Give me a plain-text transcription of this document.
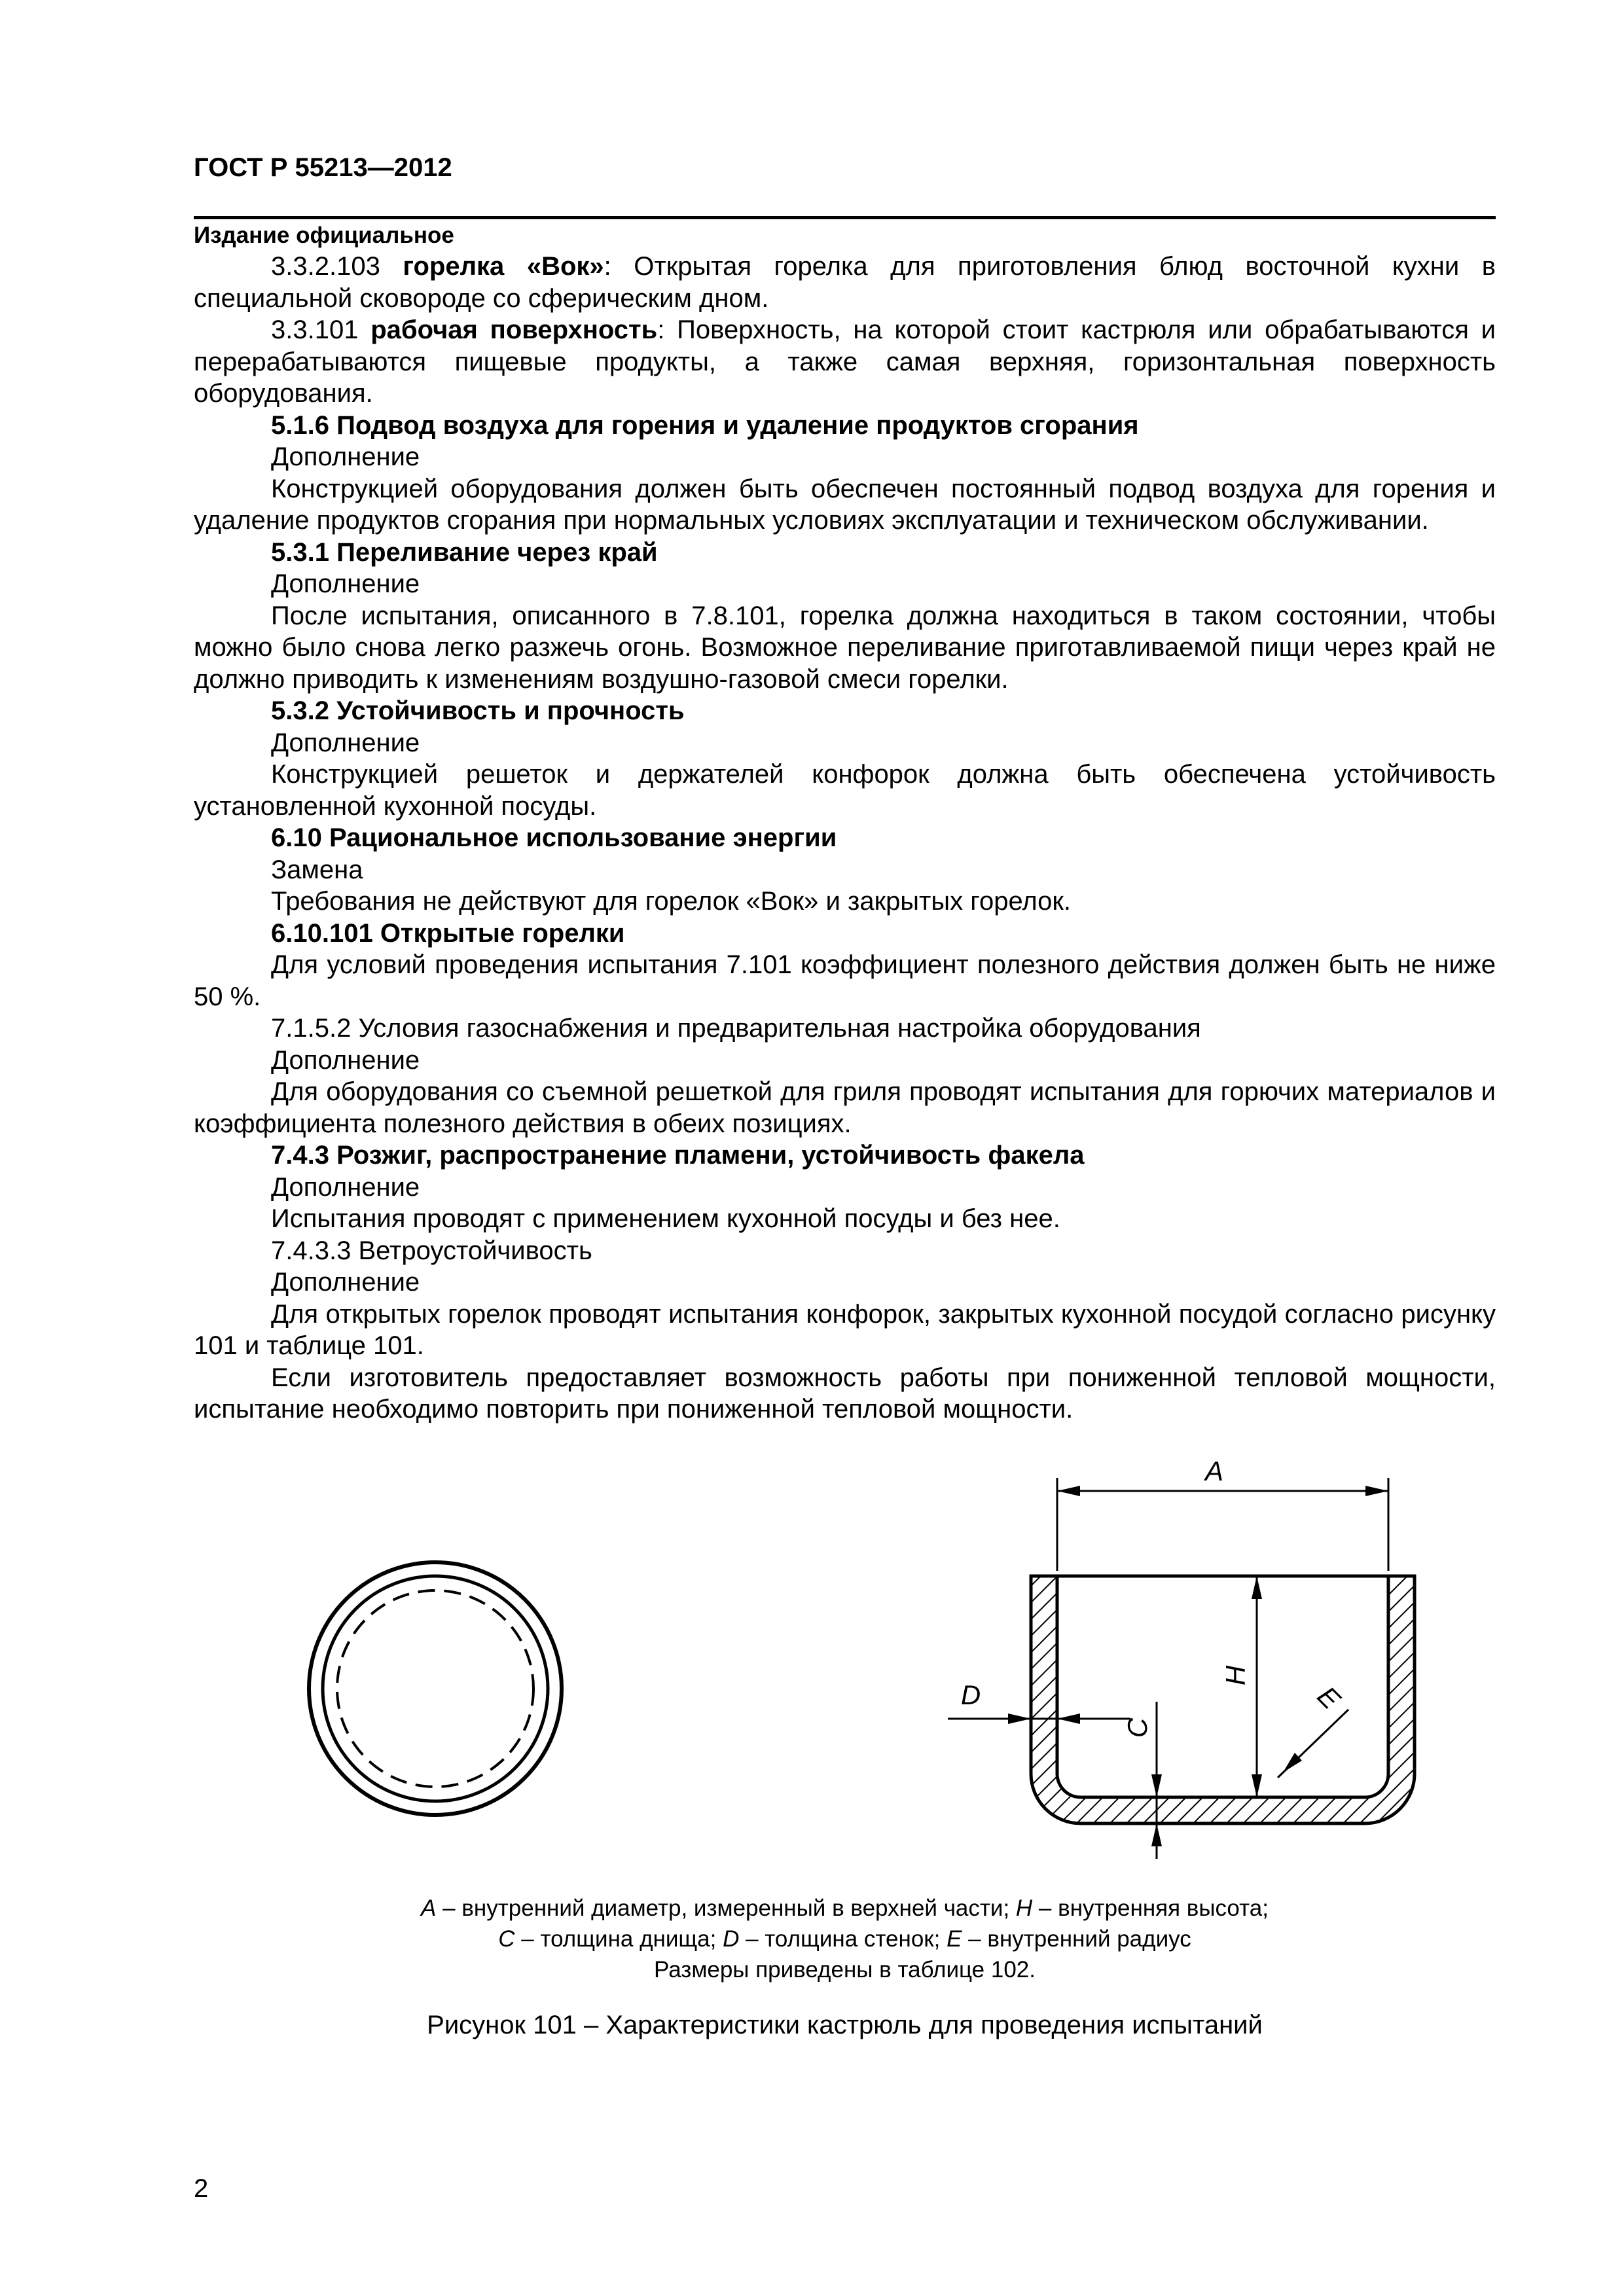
ГОСТ Р 55213—2012
Издание официальное

3.3.2.103 горелка «Вок»: Открытая горелка для приготовления блюд восточной кухни в специальной сковороде со сферическим дном.

3.3.101 рабочая поверхность: Поверхность, на которой стоит кастрюля или обрабатываются и перерабатываются пищевые продукты, а также самая верхняя, горизонтальная поверхность оборудования.

5.1.6 Подвод воздуха для горения и удаление продуктов сгорания

Дополнение

Конструкцией оборудования должен быть обеспечен постоянный подвод воздуха для горения и удаление продуктов сгорания при нормальных условиях эксплуатации и техническом обслуживании.

5.3.1 Переливание через край

Дополнение

После испытания, описанного в 7.8.101, горелка должна находиться в таком состоянии, чтобы можно было снова легко разжечь огонь. Возможное переливание приготавливаемой пищи через край не должно приводить к изменениям воздушно-газовой смеси горелки.

5.3.2 Устойчивость и прочность

Дополнение

Конструкцией решеток и держателей конфорок должна быть обеспечена устойчивость установленной кухонной посуды.

6.10 Рациональное использование энергии

Замена

Требования не действуют для горелок «Вок» и закрытых горелок.

6.10.101 Открытые горелки

Для условий проведения испытания 7.101 коэффициент полезного действия должен быть не ниже 50 %.

7.1.5.2 Условия газоснабжения и предварительная настройка оборудования

Дополнение

Для оборудования со съемной решеткой для гриля проводят испытания для горючих материалов и коэффициента полезного действия в обеих позициях.

7.4.3 Розжиг, распространение пламени, устойчивость факела

Дополнение

Испытания проводят с применением кухонной посуды и без нее.

7.4.3.3 Ветроустойчивость

Дополнение

Для открытых горелок проводят испытания конфорок, закрытых кухонной посудой согласно рисунку 101 и таблице 101.

Если изготовитель предоставляет возможность работы при пониженной тепловой мощности, испытание необходимо повторить при пониженной тепловой мощности.

A
H
D
C
E
A – внутренний диаметр, измеренный в верхней части; H – внутренняя высота;
C – толщина днища; D – толщина стенок; E – внутренний радиус
Размеры приведены в таблице 102.
Рисунок 101 – Характеристики кастрюль для проведения испытаний
2
